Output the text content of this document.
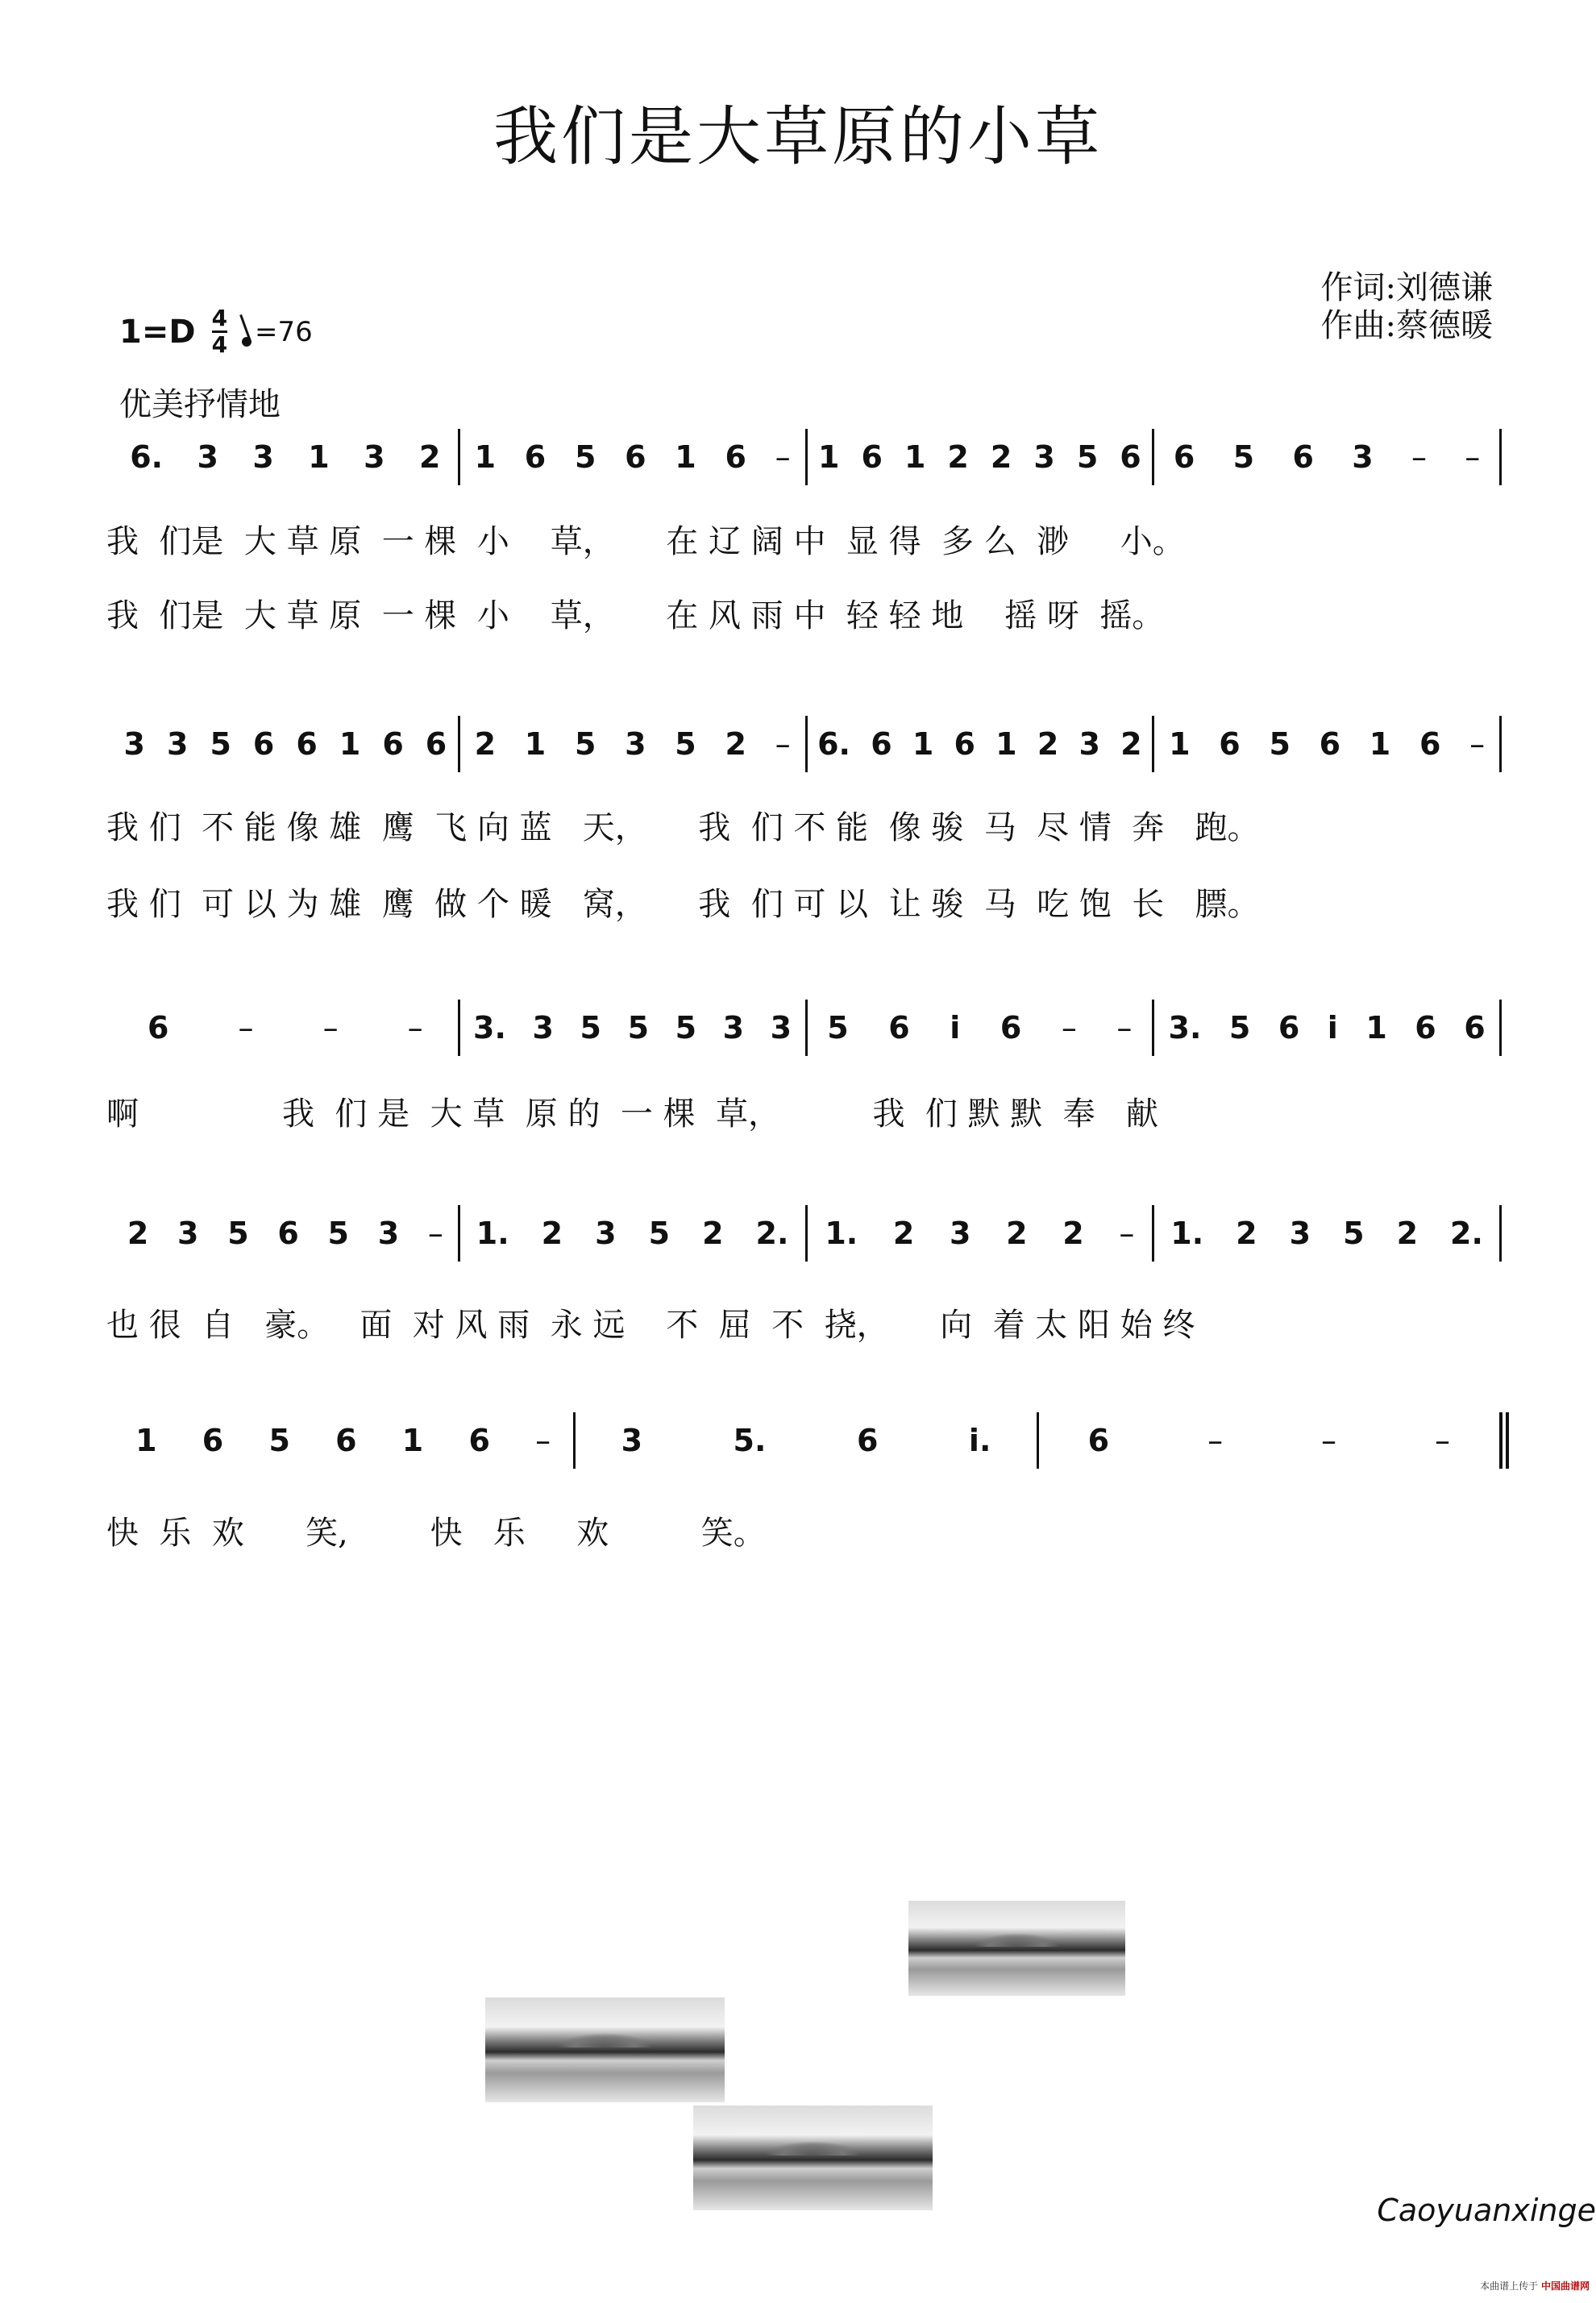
我们是大草原的小草
作词:刘德谦
作曲:蔡德暖
1=D 4
4 =76
优美抒情地
6. 3 3 1 3 2 1 6 5 6 1 6 – 1 6 1 2 2 3 5 6 6 5 6 3 – –
我  们是  大 草 原  一 棵  小    草，     在 辽 阔 中  显 得  多 么  渺     小。
我  们是  大 草 原  一 棵  小    草，     在 风 雨 中  轻 轻 地    摇 呀  摇。
3 3 5 6 6 1 6 6 2 1 5 3 5 2 – 6. 6 1 6 1 2 3 2 1 6 5 6 1 6 –
我 们  不 能 像 雄  鹰  飞 向 蓝   天，     我  们 不 能  像 骏  马  尽 情  奔   跑。
我 们  可 以 为 雄  鹰  做 个 暖   窝，     我  们 可 以  让 骏  马  吃 饱  长   膘。
6 – – – 3. 3 5 5 5 3 3 5 6 i 6 – – 3. 5 6 i 1 6 6
啊              我  们 是  大 草  原 的  一 棵  草，         我  们 默 默  奉   献
2 3 5 6 5 3 – 1. 2 3 5 2 2. 1. 2 3 2 2 – 1. 2 3 5 2 2.
也 很  自   豪。   面  对 风 雨  永 远    不  屈  不  挠，     向  着 太 阳 始 终
1 6 5 6 1 6 – 3	5.	6	i.	6	–	–	–
快  乐  欢      笑,        快   乐     欢         笑。
Caoyuanxinge
本曲谱上传于 中国曲谱网
